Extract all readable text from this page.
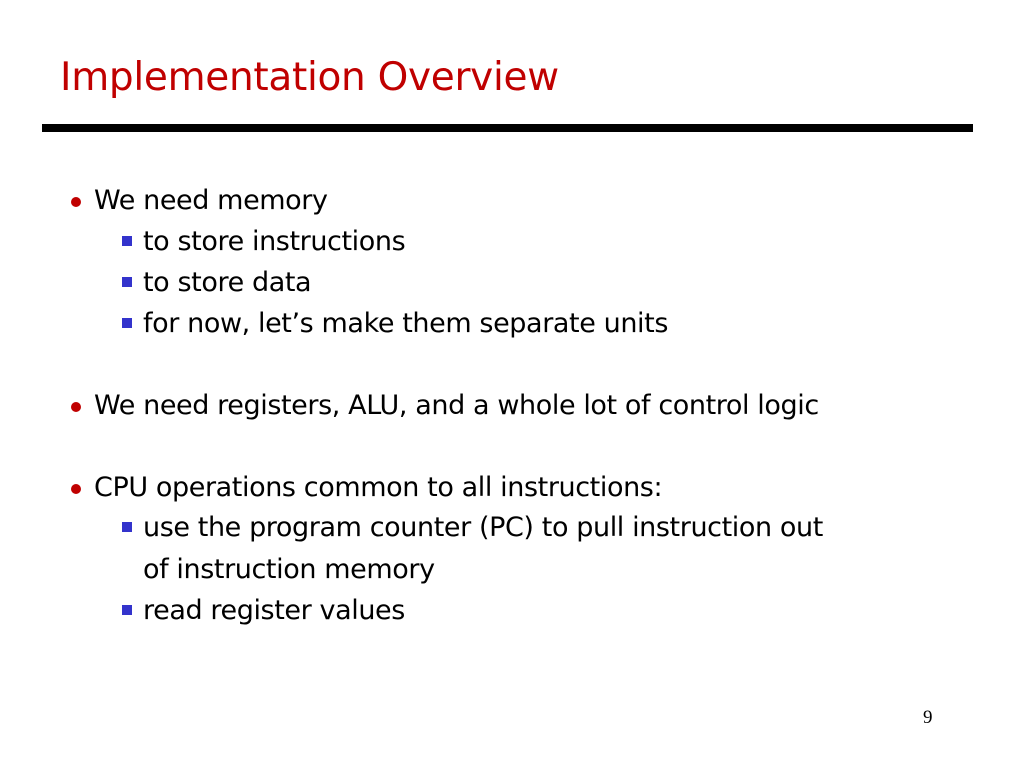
Implementation Overview
We need memory
to store instructions
to store data
for now, let’s make them separate units
We need registers, ALU, and a whole lot of control logic
CPU operations common to all instructions:
use the program counter (PC) to pull instruction out
of instruction memory
read register values
9
